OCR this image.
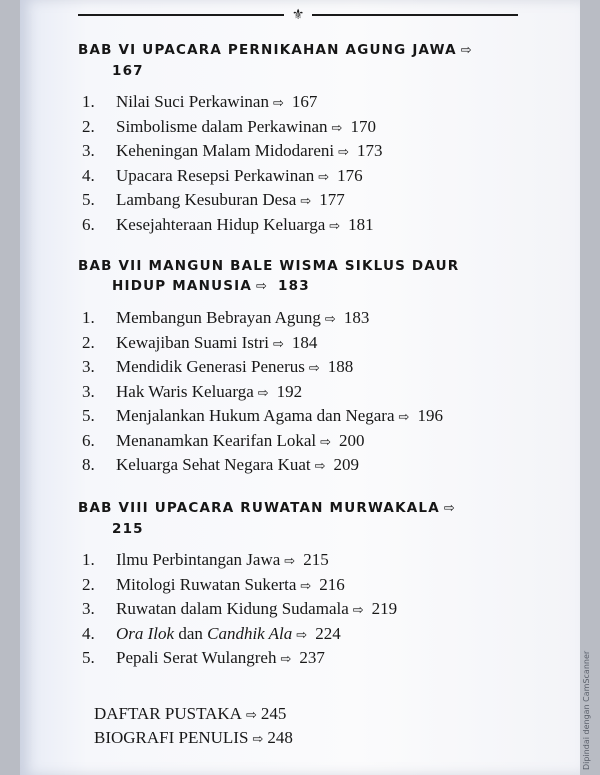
⚜
BAB VI UPACARA PERNIKAHAN AGUNG JAWA ⇨
167
1. Nilai Suci Perkawinan ⇨ 167
2. Simbolisme dalam Perkawinan ⇨ 170
3. Keheningan Malam Midodareni ⇨ 173
4. Upacara Resepsi Perkawinan ⇨ 176
5. Lambang Kesuburan Desa ⇨ 177
6. Kesejahteraan Hidup Keluarga ⇨ 181
BAB VII MANGUN BALE WISMA SIKLUS DAUR
HIDUP MANUSIA ⇨ 183
1. Membangun Bebrayan Agung ⇨ 183
2. Kewajiban Suami Istri ⇨ 184
3. Mendidik Generasi Penerus ⇨ 188
3. Hak Waris Keluarga ⇨ 192
5. Menjalankan Hukum Agama dan Negara ⇨ 196
6. Menanamkan Kearifan Lokal ⇨ 200
8. Keluarga Sehat Negara Kuat ⇨ 209
BAB VIII UPACARA RUWATAN MURWAKALA ⇨
215
1. Ilmu Perbintangan Jawa ⇨ 215
2. Mitologi Ruwatan Sukerta ⇨ 216
3. Ruwatan dalam Kidung Sudamala ⇨ 219
4. Ora Ilok dan Candhik Ala ⇨ 224
5. Pepali Serat Wulangreh ⇨ 237
DAFTAR PUSTAKA ⇨ 245
BIOGRAFI PENULIS ⇨ 248	Dipindai dengan CamScanner
